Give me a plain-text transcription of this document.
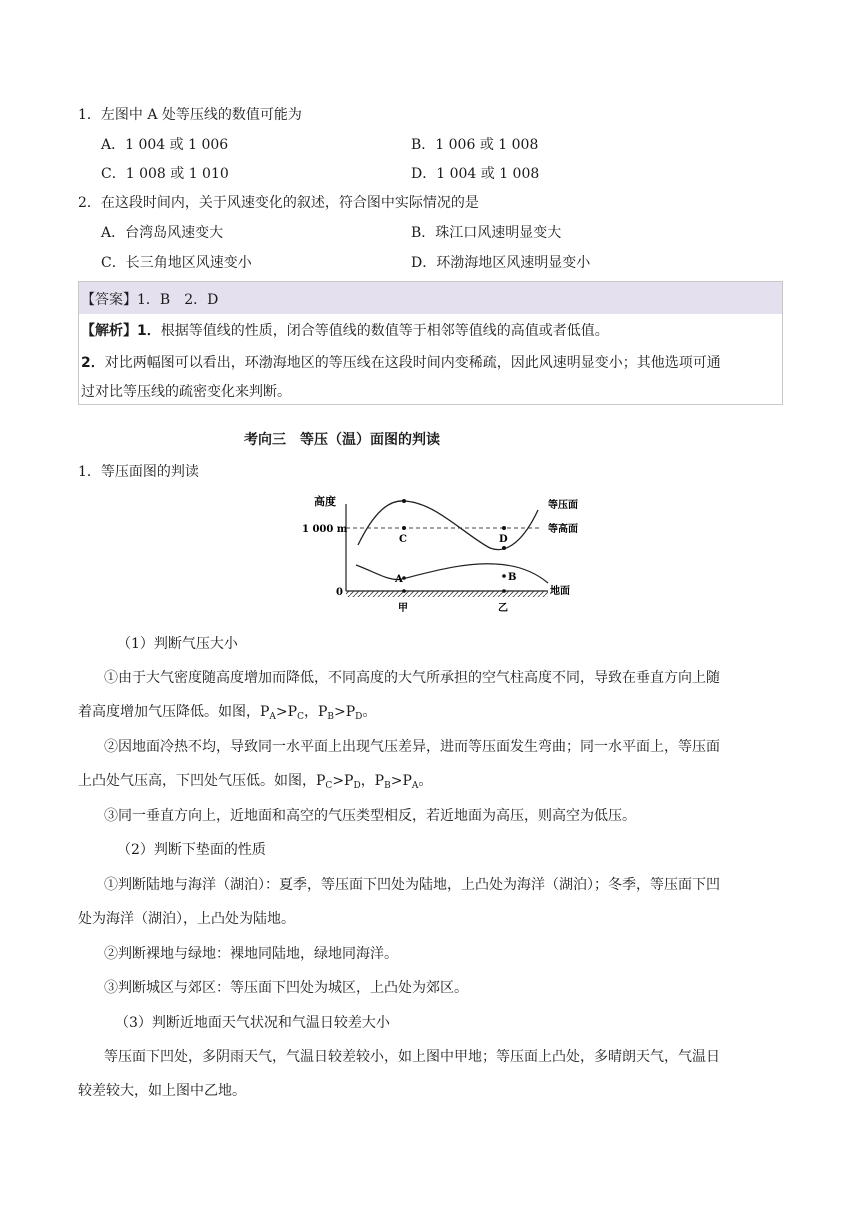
1．左图中 A 处等压线的数值可能为
A．1 004 或 1 006	B．1 006 或 1 008
C．1 008 或 1 010	D．1 004 或 1 008
2．在这段时间内，关于风速变化的叙述，符合图中实际情况的是
A．台湾岛风速变大	B．珠江口风速明显变大
C．长三角地区风速变小	D．环渤海地区风速明显变小
【答案】1．B　2．D
【解析】1．根据等值线的性质，闭合等值线的数值等于相邻等值线的高值或者低值。
2．对比两幅图可以看出，环渤海地区的等压线在这段时间内变稀疏，因此风速明显变小；其他选项可通
过对比等压线的疏密变化来判断。
考向三　等压（温）面图的判读
1．等压面图的判读
高度
1 000 m
0
等压面
等高面
地面
C	D
A	B
甲	乙
（1）判断气压大小
①由于大气密度随高度增加而降低，不同高度的大气所承担的空气柱高度不同，导致在垂直方向上随
着高度增加气压降低。如图，$P_A>P_C$，$P_B>P_D$。
②因地面冷热不均，导致同一水平面上出现气压差异，进而等压面发生弯曲；同一水平面上，等压面
上凸处气压高，下凹处气压低。如图，$P_C>P_D$，$P_B>P_A$。
③同一垂直方向上，近地面和高空的气压类型相反，若近地面为高压，则高空为低压。
（2）判断下垫面的性质
①判断陆地与海洋（湖泊）：夏季，等压面下凹处为陆地，上凸处为海洋（湖泊）；冬季，等压面下凹
处为海洋（湖泊），上凸处为陆地。
②判断裸地与绿地：裸地同陆地，绿地同海洋。
③判断城区与郊区：等压面下凹处为城区，上凸处为郊区。
（3）判断近地面天气状况和气温日较差大小
等压面下凹处，多阴雨天气，气温日较差较小，如上图中甲地；等压面上凸处，多晴朗天气，气温日
较差较大，如上图中乙地。
